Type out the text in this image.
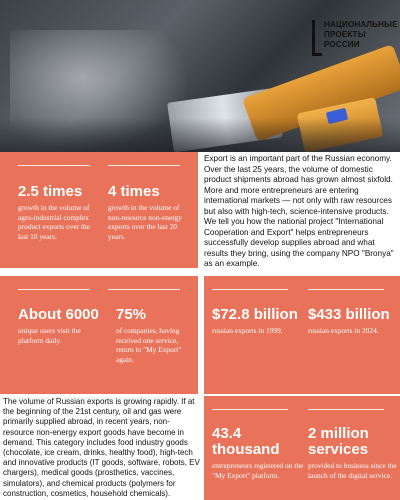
НАЦИОНАЛЬНЫЕ
ПРОЕКТЫ
РОССИИ
2.5 times
growth in the volume of agro-industrial complex product exports over the last 10 years.
4 times
growth in the volume of non-resource non-energy exports over the last 20 years.
Export is an important part of the Russian economy. Over the last 25 years, the volume of domestic product shipments abroad has grown almost sixfold. More and more entrepreneurs are entering international markets — not only with raw resources but also with high-tech, science-intensive products. We tell you how the national project "International Cooperation and Export" helps entrepreneurs successfully develop supplies abroad and what results they bring, using the company NPO "Bronya" as an example.
About 6000
unique users visit the platform daily.
75%
of companies, having received one service, return to "My Export" again.
$72.8 billion
russian exports in 1999.
$433 billion
russian exports in 2024.
The volume of Russian exports is growing rapidly. If at the beginning of the 21st century, oil and gas were primarily supplied abroad, in recent years, non-resource non-energy export goods have become in demand. This category includes food industry goods (chocolate, ice cream, drinks, healthy food), high-tech and innovative products (IT goods, software, robots, EV chargers), medical goods (prosthetics, vaccines, simulators), and chemical products (polymers for construction, cosmetics, household chemicals).
43.4 thousand
entrepreneurs registered on the "My Export" platform.
2 million services
provided to business since the launch of the digital service.
